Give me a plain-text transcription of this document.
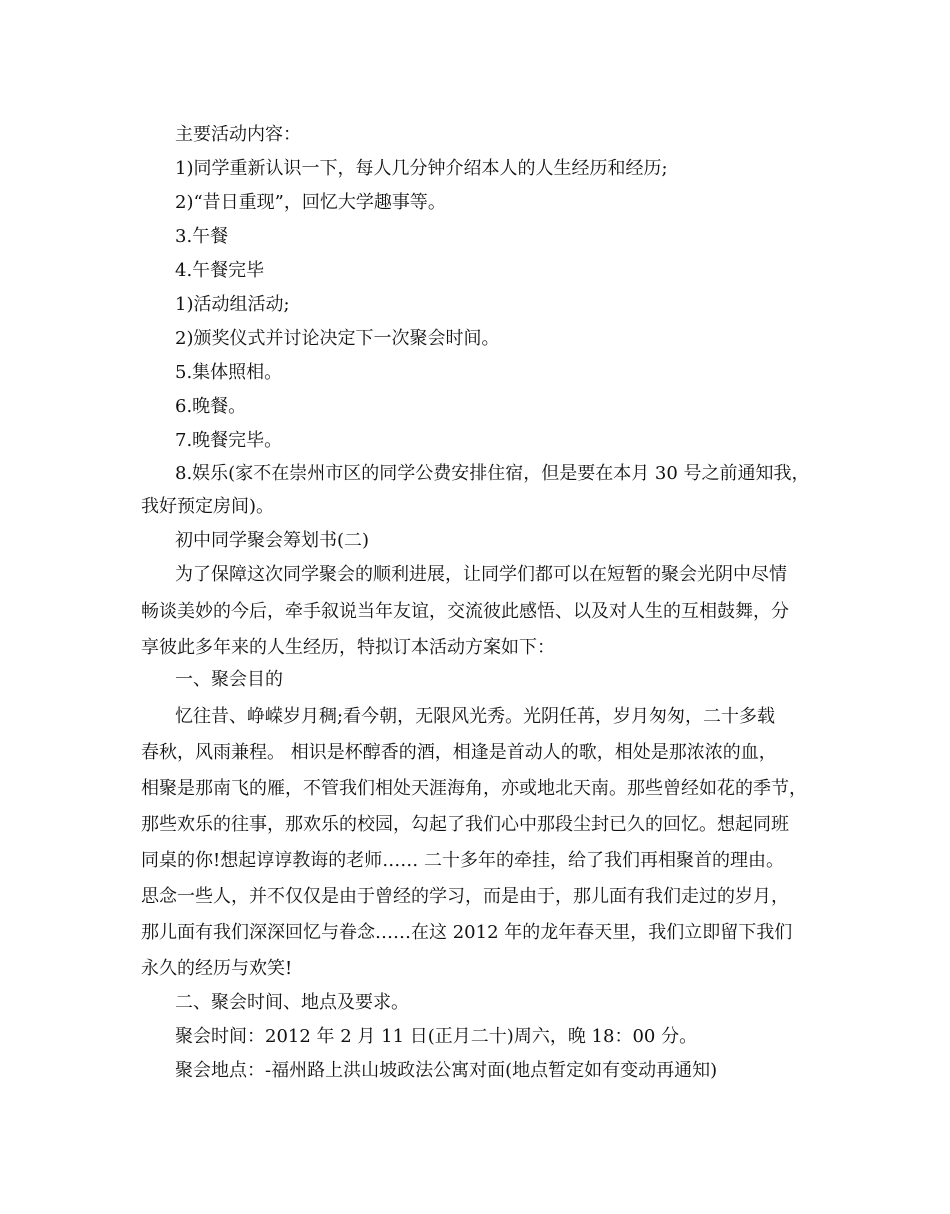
主要活动内容：
1)同学重新认识一下，每人几分钟介绍本人的人生经历和经历;
2)“昔日重现”，回忆大学趣事等。
3.午餐
4.午餐完毕
1)活动组活动;
2)颁奖仪式并讨论决定下一次聚会时间。
5.集体照相。
6.晚餐。
7.晚餐完毕。
8.娱乐(家不在崇州市区的同学公费安排住宿，但是要在本月 30 号之前通知我，
我好预定房间)。
初中同学聚会筹划书(二)
为了保障这次同学聚会的顺利进展，让同学们都可以在短暂的聚会光阴中尽情
畅谈美妙的今后，牵手叙说当年友谊，交流彼此感悟、以及对人生的互相鼓舞，分
享彼此多年来的人生经历，特拟订本活动方案如下：
一、聚会目的
忆往昔、峥嵘岁月稠;看今朝，无限风光秀。光阴任苒，岁月匆匆，二十多载
春秋，风雨兼程。 相识是杯醇香的酒，相逢是首动人的歌，相处是那浓浓的血，
相聚是那南飞的雁，不管我们相处天涯海角，亦或地北天南。那些曾经如花的季节，
那些欢乐的往事，那欢乐的校园，勾起了我们心中那段尘封已久的回忆。想起同班
同桌的你!想起谆谆教诲的老师…… 二十多年的牵挂，给了我们再相聚首的理由。
思念一些人，并不仅仅是由于曾经的学习，而是由于，那儿面有我们走过的岁月，
那儿面有我们深深回忆与眷念……在这 2012 年的龙年春天里，我们立即留下我们
永久的经历与欢笑!
二、聚会时间、地点及要求。
聚会时间：2012 年 2 月 11 日(正月二十)周六，晚 18：00 分。
聚会地点：-福州路上洪山坡政法公寓对面(地点暂定如有变动再通知)
